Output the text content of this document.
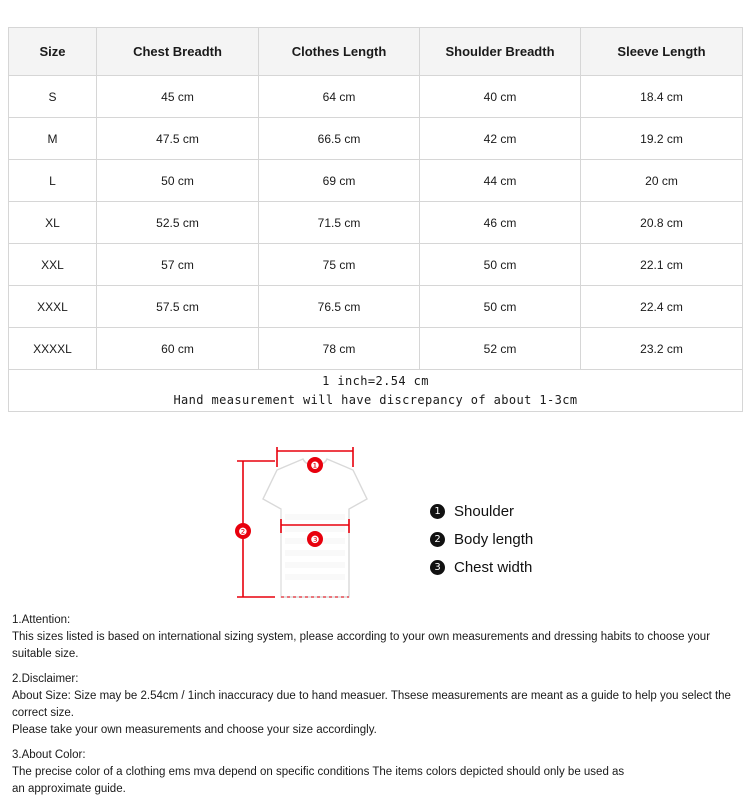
Size	Chest Breadth	Clothes Length	Shoulder Breadth	Sleeve Length
S	45 cm	64 cm	40 cm	18.4 cm
M	47.5 cm	66.5 cm	42 cm	19.2 cm
L	50 cm	69 cm	44 cm	20 cm
XL	52.5 cm	71.5 cm	46 cm	20.8 cm
XXL	57 cm	75 cm	50 cm	22.1 cm
XXXL	57.5 cm	76.5 cm	50 cm	22.4 cm
XXXXL	60 cm	78 cm	52 cm	23.2 cm

1 inch=2.54 cm
Hand measurement will have discrepancy of about 1-3cm				
❶
❷
❸
1 Shoulder
2 Body length
3 Chest width

1.Attention:

This sizes listed is based on international sizing system, please according to your own measurements and dressing habits to choose your suitable size.

2.Disclaimer:

About Size: Size may be 2.54cm / 1inch inaccuracy due to hand measuer. Thsese measurements are meant as a guide to help you select the correct size.

Please take your own measurements and choose your size accordingly.

3.About Color:

The precise color of a clothing ems mva depend on specific conditions The items colors depicted should only be used as

an approximate guide.
